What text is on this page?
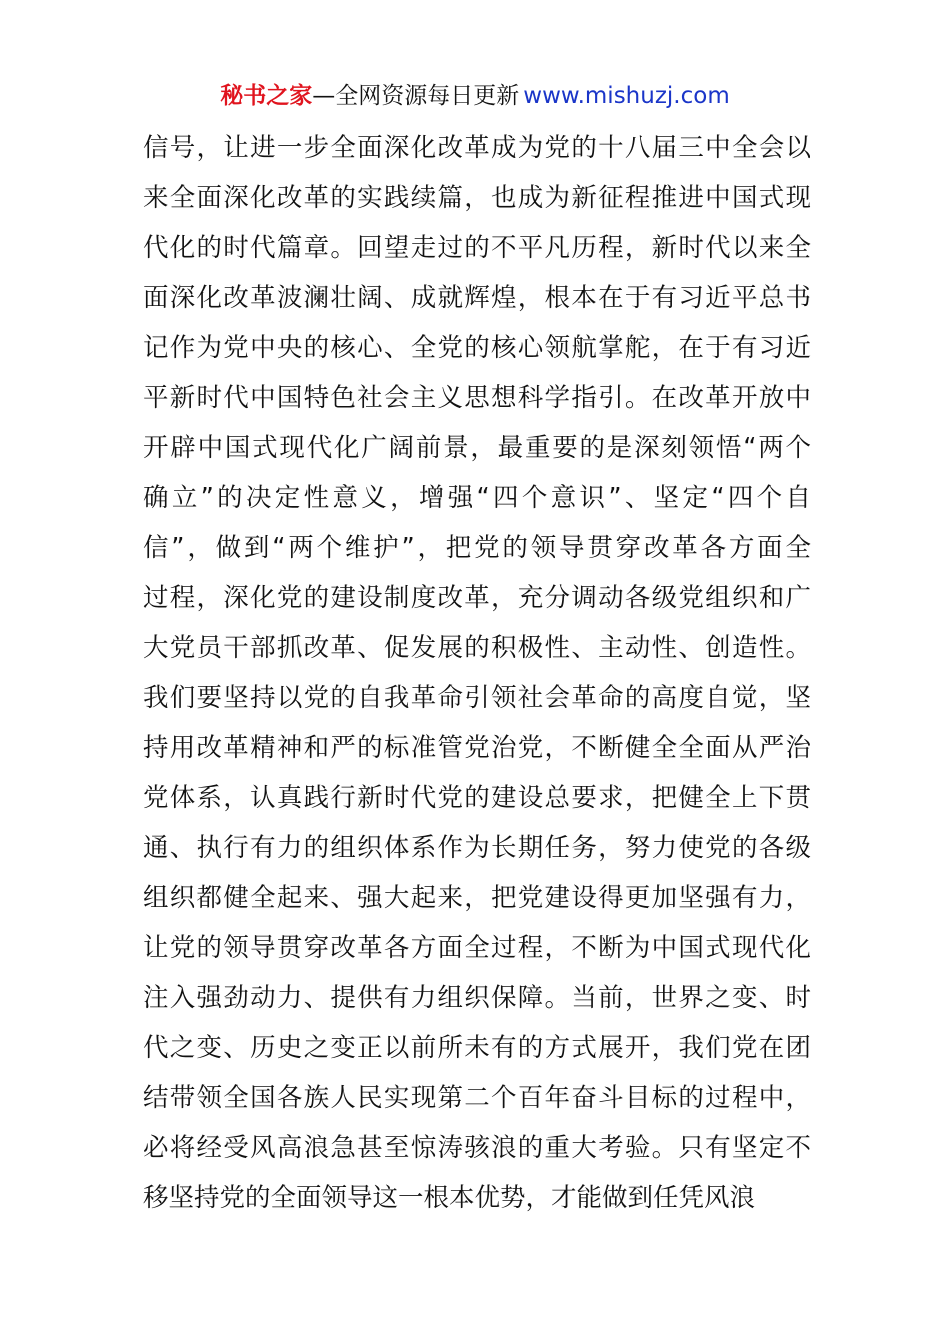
秘书之家—全网资源每日更新 www.mishuzj.com
信号，让进一步全面深化改革成为党的十八届三中全会以
来全面深化改革的实践续篇，也成为新征程推进中国式现
代化的时代篇章。回望走过的不平凡历程，新时代以来全
面深化改革波澜壮阔、成就辉煌，根本在于有习近平总书
记作为党中央的核心、全党的核心领航掌舵，在于有习近
平新时代中国特色社会主义思想科学指引。在改革开放中
开辟中国式现代化广阔前景，最重要的是深刻领悟“两个
确立”的决定性意义，增强“四个意识”、坚定“四个自
信”，做到“两个维护”，把党的领导贯穿改革各方面全
过程，深化党的建设制度改革，充分调动各级党组织和广
大党员干部抓改革、促发展的积极性、主动性、创造性。
我们要坚持以党的自我革命引领社会革命的高度自觉，坚
持用改革精神和严的标准管党治党，不断健全全面从严治
党体系，认真践行新时代党的建设总要求，把健全上下贯
通、执行有力的组织体系作为长期任务，努力使党的各级
组织都健全起来、强大起来，把党建设得更加坚强有力，
让党的领导贯穿改革各方面全过程，不断为中国式现代化
注入强劲动力、提供有力组织保障。当前，世界之变、时
代之变、历史之变正以前所未有的方式展开，我们党在团
结带领全国各族人民实现第二个百年奋斗目标的过程中，
必将经受风高浪急甚至惊涛骇浪的重大考验。只有坚定不
移坚持党的全面领导这一根本优势，才能做到任凭风浪
